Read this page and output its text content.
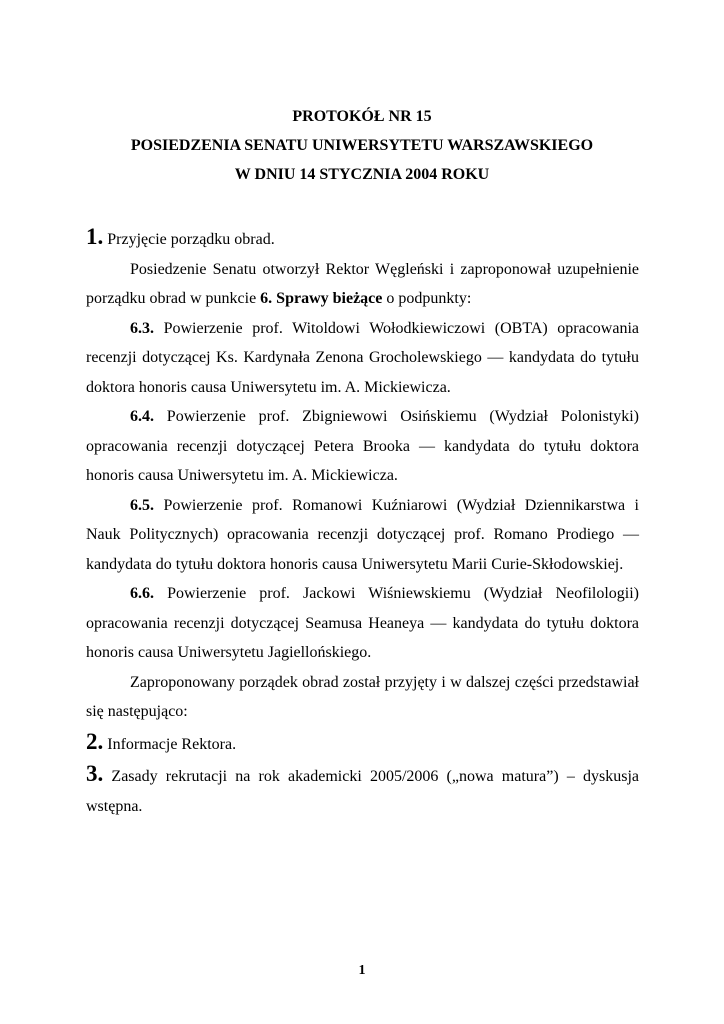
PROTOKÓŁ NR 15
POSIEDZENIA SENATU UNIWERSYTETU WARSZAWSKIEGO
W DNIU 14 STYCZNIA 2004 ROKU

1. Przyjęcie porządku obrad.

Posiedzenie Senatu otworzył Rektor Węgleński i zaproponował uzupełnienie porządku obrad w punkcie 6. Sprawy bieżące o podpunkty:

6.3. Powierzenie prof. Witoldowi Wołodkiewiczowi (OBTA) opracowania recenzji dotyczącej Ks. Kardynała Zenona Grocholewskiego — kandydata do tytułu doktora honoris causa Uniwersytetu im. A. Mickiewicza.

6.4. Powierzenie prof. Zbigniewowi Osińskiemu (Wydział Polonistyki) opracowania recenzji dotyczącej Petera Brooka — kandydata do tytułu doktora honoris causa Uniwersytetu im. A. Mickiewicza.

6.5. Powierzenie prof. Romanowi Kuźniarowi (Wydział Dziennikarstwa i Nauk Politycznych) opracowania recenzji dotyczącej prof. Romano Prodiego — kandydata do tytułu doktora honoris causa Uniwersytetu Marii Curie-Skłodowskiej.

6.6. Powierzenie prof. Jackowi Wiśniewskiemu (Wydział Neofilologii) opracowania recenzji dotyczącej Seamusa Heaneya — kandydata do tytułu doktora honoris causa Uniwersytetu Jagiellońskiego.

Zaproponowany porządek obrad został przyjęty i w dalszej części przedstawiał się następująco:

2. Informacje Rektora.

3. Zasady rekrutacji na rok akademicki 2005/2006 („nowa matura”) – dyskusja wstępna.

1
